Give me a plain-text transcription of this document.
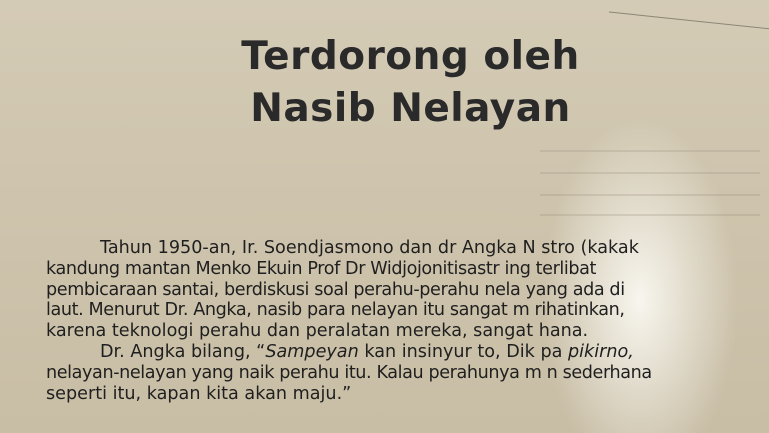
Terdorong oleh
Nasib Nelayan
Tahun 1950-an, Ir. Soendjasmono dan dr Angka N stro (kakak
kandung mantan Menko Ekuin Prof Dr Widjojonitisastr ing terlibat
pembicaraan santai, berdiskusi soal perahu-perahu nela yang ada di
laut. Menurut Dr. Angka, nasib para nelayan itu sangat m rihatinkan,
karena teknologi perahu dan peralatan mereka, sangat hana.
Dr. Angka bilang, “Sampeyan kan insinyur to, Dik pa pikirno,
nelayan-nelayan yang naik perahu itu. Kalau perahunya m n sederhana
seperti itu, kapan kita akan maju.”
